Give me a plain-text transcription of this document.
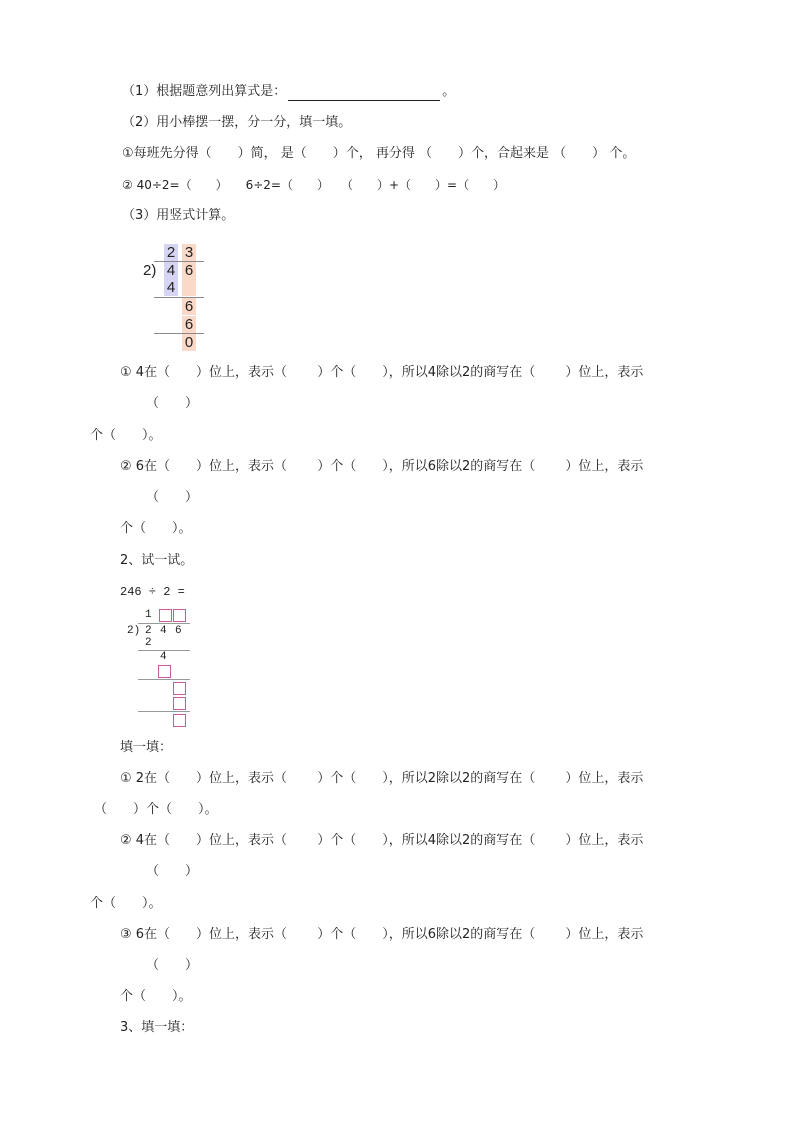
（1）根据题意列出算式是：	。
（2）用小棒摆一摆，分一分，填一填。
①每班先分得（　　）简， 是（　　）个， 再分得 （　　）个，合起来是 （　　） 个。
② 40÷2=（　　）　　6÷2=（　　）　　（　　）+（　　）=（　　）
（3）用竖式计算。
2
4
4
3
6
6
6
0
2)
① 4在（　　）位上，表示（　　 ）个（　　），所以4除以2的商写在（　　 ）位上，表示
（　　）
个（　　）。
② 6在（　　）位上，表示（　　 ）个（　　），所以6除以2的商写在（　　 ）位上，表示
（　　）
个（　　）。
2、试一试。
246 ÷ 2 =
1
2) 2 4 6
2
4
填一填：
① 2在（　　）位上，表示（　　 ）个（　　），所以2除以2的商写在（　　 ）位上，表示
（　　）个（　　）。
② 4在（　　）位上，表示（　　 ）个（　　），所以4除以2的商写在（　　 ）位上，表示
（　　）
个（　　）。
③ 6在（　　）位上，表示（　　 ）个（　　），所以6除以2的商写在（　　 ）位上，表示
（　　）
个（　　）。
3、填一填：
